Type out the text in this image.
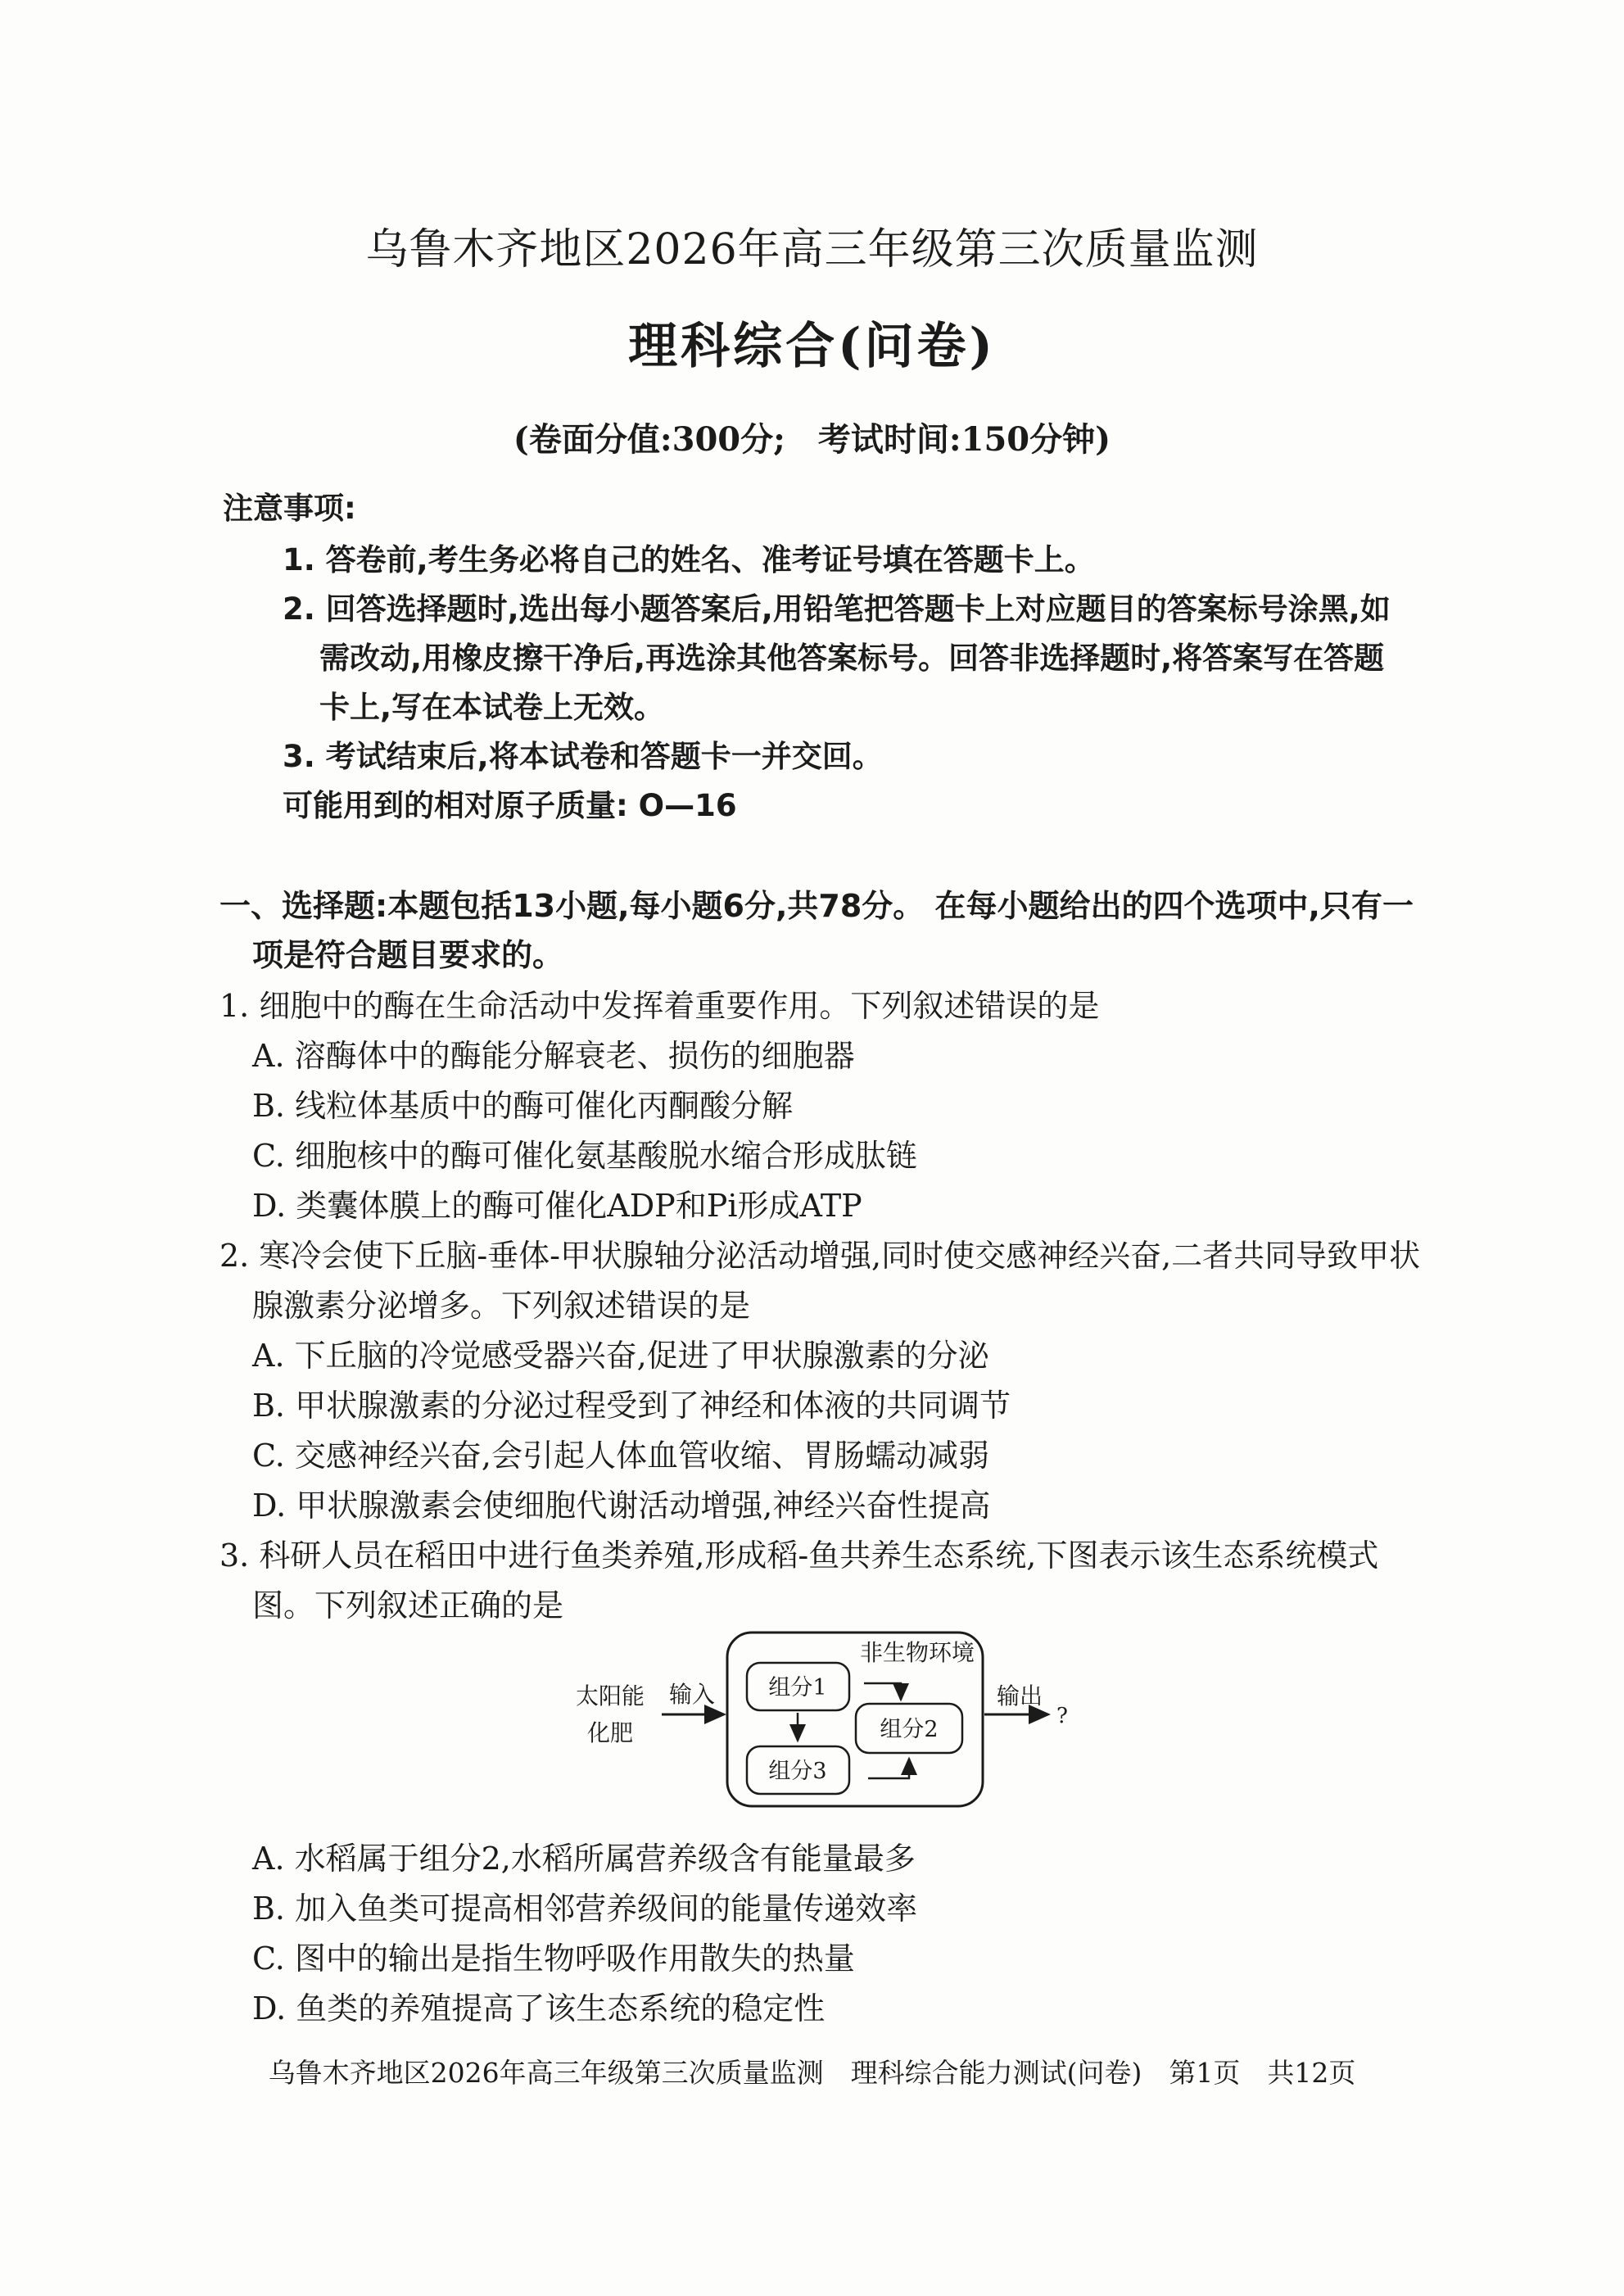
乌鲁木齐地区2026年高三年级第三次质量监测
理科综合(问卷)
(卷面分值:300分;　考试时间:150分钟)
注意事项:
1. 答卷前,考生务必将自己的姓名、准考证号填在答题卡上。
2. 回答选择题时,选出每小题答案后,用铅笔把答题卡上对应题目的答案标号涂黑,如
需改动,用橡皮擦干净后,再选涂其他答案标号。回答非选择题时,将答案写在答题
卡上,写在本试卷上无效。
3. 考试结束后,将本试卷和答题卡一并交回。
可能用到的相对原子质量: O—16
一、选择题:本题包括13小题,每小题6分,共78分。 在每小题给出的四个选项中,只有一
项是符合题目要求的。
1. 细胞中的酶在生命活动中发挥着重要作用。下列叙述错误的是
A. 溶酶体中的酶能分解衰老、损伤的细胞器
B. 线粒体基质中的酶可催化丙酮酸分解
C. 细胞核中的酶可催化氨基酸脱水缩合形成肽链
D. 类囊体膜上的酶可催化ADP和Pi形成ATP
2. 寒冷会使下丘脑-垂体-甲状腺轴分泌活动增强,同时使交感神经兴奋,二者共同导致甲状
腺激素分泌增多。下列叙述错误的是
A. 下丘脑的冷觉感受器兴奋,促进了甲状腺激素的分泌
B. 甲状腺激素的分泌过程受到了神经和体液的共同调节
C. 交感神经兴奋,会引起人体血管收缩、胃肠蠕动减弱
D. 甲状腺激素会使细胞代谢活动增强,神经兴奋性提高
3. 科研人员在稻田中进行鱼类养殖,形成稻-鱼共养生态系统,下图表示该生态系统模式
图。下列叙述正确的是
太阳能
化肥
输入
非生物环境
组分1
组分3
组分2
输出
?
A. 水稻属于组分2,水稻所属营养级含有能量最多
B. 加入鱼类可提高相邻营养级间的能量传递效率
C. 图中的输出是指生物呼吸作用散失的热量
D. 鱼类的养殖提高了该生态系统的稳定性
乌鲁木齐地区2026年高三年级第三次质量监测　理科综合能力测试(问卷)　第1页　共12页
